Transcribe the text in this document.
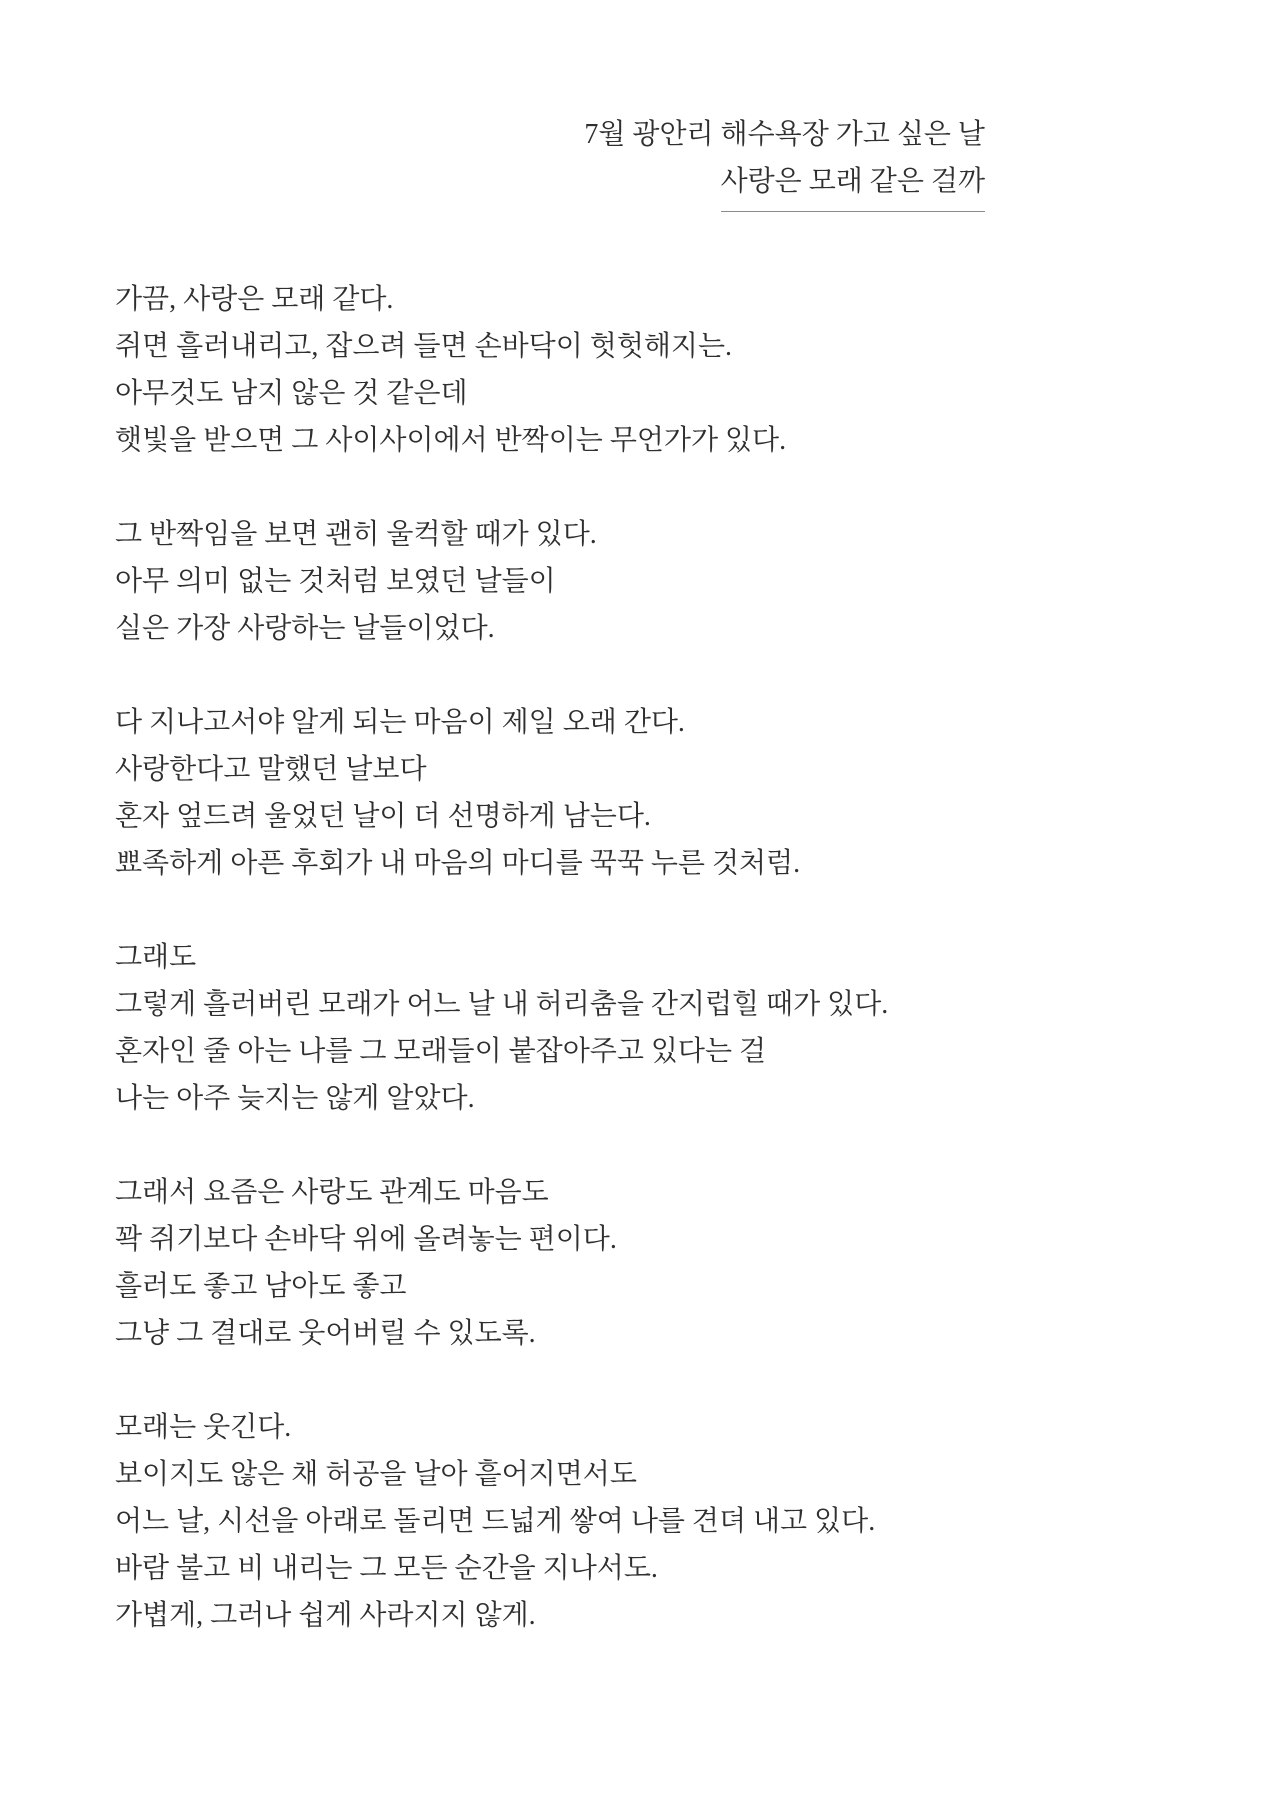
7월 광안리 해수욕장 가고 싶은 날
사랑은 모래 같은 걸까
가끔, 사랑은 모래 같다.
쥐면 흘러내리고, 잡으려 들면 손바닥이 헛헛해지는.
아무것도 남지 않은 것 같은데
햇빛을 받으면 그 사이사이에서 반짝이는 무언가가 있다.
그 반짝임을 보면 괜히 울컥할 때가 있다.
아무 의미 없는 것처럼 보였던 날들이
실은 가장 사랑하는 날들이었다.
다 지나고서야 알게 되는 마음이 제일 오래 간다.
사랑한다고 말했던 날보다
혼자 엎드려 울었던 날이 더 선명하게 남는다.
뾰족하게 아픈 후회가 내 마음의 마디를 꾹꾹 누른 것처럼.
그래도
그렇게 흘러버린 모래가 어느 날 내 허리춤을 간지럽힐 때가 있다.
혼자인 줄 아는 나를 그 모래들이 붙잡아주고 있다는 걸
나는 아주 늦지는 않게 알았다.
그래서 요즘은 사랑도 관계도 마음도
꽉 쥐기보다 손바닥 위에 올려놓는 편이다.
흘러도 좋고 남아도 좋고
그냥 그 결대로 웃어버릴 수 있도록.
모래는 웃긴다.
보이지도 않은 채 허공을 날아 흩어지면서도
어느 날, 시선을 아래로 돌리면 드넓게 쌓여 나를 견뎌 내고 있다.
바람 불고 비 내리는 그 모든 순간을 지나서도.
가볍게, 그러나 쉽게 사라지지 않게.
